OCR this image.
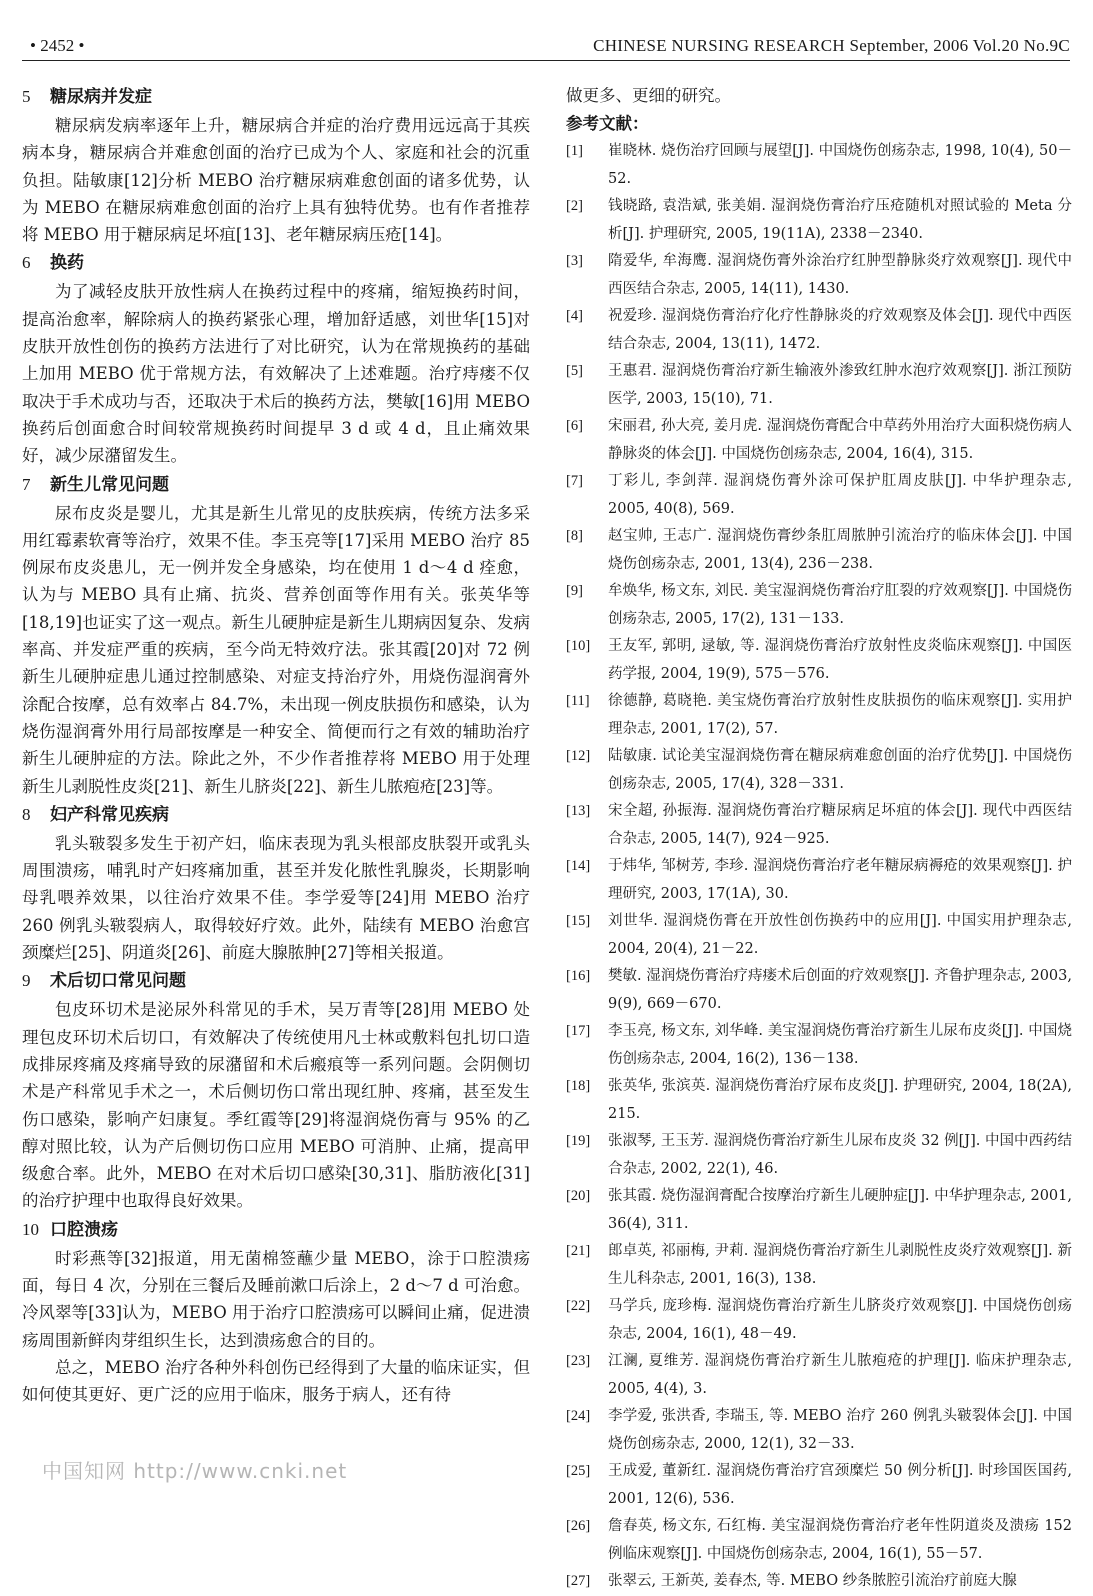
• 2452 •	CHINESE NURSING RESEARCH September, 2006 Vol.20 No.9C

5 糖尿病并发症

糖尿病发病率逐年上升，糖尿病合并症的治疗费用远远高于其疾病本身，糖尿病合并难愈创面的治疗已成为个人、家庭和社会的沉重负担。陆敏康[12]分析 MEBO 治疗糖尿病难愈创面的诸多优势，认为 MEBO 在糖尿病难愈创面的治疗上具有独特优势。也有作者推荐将 MEBO 用于糖尿病足坏疽[13]、老年糖尿病压疮[14]。

6 换药

为了减轻皮肤开放性病人在换药过程中的疼痛，缩短换药时间，提高治愈率，解除病人的换药紧张心理，增加舒适感，刘世华[15]对皮肤开放性创伤的换药方法进行了对比研究，认为在常规换药的基础上加用 MEBO 优于常规方法，有效解决了上述难题。治疗痔瘘不仅取决于手术成功与否，还取决于术后的换药方法，樊敏[16]用 MEBO 换药后创面愈合时间较常规换药时间提早 3 d 或 4 d，且止痛效果好，减少尿潴留发生。

7 新生儿常见问题

尿布皮炎是婴儿，尤其是新生儿常见的皮肤疾病，传统方法多采用红霉素软膏等治疗，效果不佳。李玉亮等[17]采用 MEBO 治疗 85 例尿布皮炎患儿，无一例并发全身感染，均在使用 1 d～4 d 痊愈，认为与 MEBO 具有止痛、抗炎、营养创面等作用有关。张英华等[18,19]也证实了这一观点。新生儿硬肿症是新生儿期病因复杂、发病率高、并发症严重的疾病，至今尚无特效疗法。张其霞[20]对 72 例新生儿硬肿症患儿通过控制感染、对症支持治疗外，用烧伤湿润膏外涂配合按摩，总有效率占 84.7%，未出现一例皮肤损伤和感染，认为烧伤湿润膏外用行局部按摩是一种安全、简便而行之有效的辅助治疗新生儿硬肿症的方法。除此之外，不少作者推荐将 MEBO 用于处理新生儿剥脱性皮炎[21]、新生儿脐炎[22]、新生儿脓疱疮[23]等。

8 妇产科常见疾病

乳头皲裂多发生于初产妇，临床表现为乳头根部皮肤裂开或乳头周围溃疡，哺乳时产妇疼痛加重，甚至并发化脓性乳腺炎，长期影响母乳喂养效果，以往治疗效果不佳。李学爱等[24]用 MEBO 治疗 260 例乳头皲裂病人，取得较好疗效。此外，陆续有 MEBO 治愈宫颈糜烂[25]、阴道炎[26]、前庭大腺脓肿[27]等相关报道。

9 术后切口常见问题

包皮环切术是泌尿外科常见的手术，吴万青等[28]用 MEBO 处理包皮环切术后切口，有效解决了传统使用凡士林或敷料包扎切口造成排尿疼痛及疼痛导致的尿潴留和术后瘢痕等一系列问题。会阴侧切术是产科常见手术之一，术后侧切伤口常出现红肿、疼痛，甚至发生伤口感染，影响产妇康复。季红霞等[29]将湿润烧伤膏与 95% 的乙醇对照比较，认为产后侧切伤口应用 MEBO 可消肿、止痛，提高甲级愈合率。此外，MEBO 在对术后切口感染[30,31]、脂肪液化[31]的治疗护理中也取得良好效果。

10 口腔溃疡

时彩燕等[32]报道，用无菌棉签蘸少量 MEBO，涂于口腔溃疡面，每日 4 次，分别在三餐后及睡前漱口后涂上，2 d～7 d 可治愈。冷风翠等[33]认为，MEBO 用于治疗口腔溃疡可以瞬间止痛，促进溃疡周围新鲜肉芽组织生长，达到溃疡愈合的目的。

总之，MEBO 治疗各种外科创伤已经得到了大量的临床证实，但如何使其更好、更广泛的应用于临床，服务于病人，还有待

做更多、更细的研究。

参考文献：

[1] 崔晓林. 烧伤治疗回顾与展望[J]. 中国烧伤创疡杂志, 1998, 10(4), 50－52.
[2] 钱晓路, 袁浩斌, 张美娟. 湿润烧伤膏治疗压疮随机对照试验的 Meta 分析[J]. 护理研究, 2005, 19(11A), 2338－2340.
[3] 隋爱华, 牟海鹰. 湿润烧伤膏外涂治疗红肿型静脉炎疗效观察[J]. 现代中西医结合杂志, 2005, 14(11), 1430.
[4] 祝爱珍. 湿润烧伤膏治疗化疗性静脉炎的疗效观察及体会[J]. 现代中西医结合杂志, 2004, 13(11), 1472.
[5] 王惠君. 湿润烧伤膏治疗新生输液外渗致红肿水泡疗效观察[J]. 浙江预防医学, 2003, 15(10), 71.
[6] 宋丽君, 孙大亮, 姜月虎. 湿润烧伤膏配合中草药外用治疗大面积烧伤病人静脉炎的体会[J]. 中国烧伤创疡杂志, 2004, 16(4), 315.
[7] 丁彩儿, 李剑萍. 湿润烧伤膏外涂可保护肛周皮肤[J]. 中华护理杂志, 2005, 40(8), 569.
[8] 赵宝帅, 王志广. 湿润烧伤膏纱条肛周脓肿引流治疗的临床体会[J]. 中国烧伤创疡杂志, 2001, 13(4), 236－238.
[9] 牟焕华, 杨文东, 刘民. 美宝湿润烧伤膏治疗肛裂的疗效观察[J]. 中国烧伤创疡杂志, 2005, 17(2), 131－133.
[10] 王友军, 郭明, 逯敏, 等. 湿润烧伤膏治疗放射性皮炎临床观察[J]. 中国医药学报, 2004, 19(9), 575－576.
[11] 徐德静, 葛晓艳. 美宝烧伤膏治疗放射性皮肤损伤的临床观察[J]. 实用护理杂志, 2001, 17(2), 57.
[12] 陆敏康. 试论美宝湿润烧伤膏在糖尿病难愈创面的治疗优势[J]. 中国烧伤创疡杂志, 2005, 17(4), 328－331.
[13] 宋全超, 孙振海. 湿润烧伤膏治疗糖尿病足坏疽的体会[J]. 现代中西医结合杂志, 2005, 14(7), 924－925.
[14] 于炜华, 邹树芳, 李珍. 湿润烧伤膏治疗老年糖尿病褥疮的效果观察[J]. 护理研究, 2003, 17(1A), 30.
[15] 刘世华. 湿润烧伤膏在开放性创伤换药中的应用[J]. 中国实用护理杂志, 2004, 20(4), 21－22.
[16] 樊敏. 湿润烧伤膏治疗痔瘘术后创面的疗效观察[J]. 齐鲁护理杂志, 2003, 9(9), 669－670.
[17] 李玉亮, 杨文东, 刘华峰. 美宝湿润烧伤膏治疗新生儿尿布皮炎[J]. 中国烧伤创疡杂志, 2004, 16(2), 136－138.
[18] 张英华, 张滨英. 湿润烧伤膏治疗尿布皮炎[J]. 护理研究, 2004, 18(2A), 215.
[19] 张淑琴, 王玉芳. 湿润烧伤膏治疗新生儿尿布皮炎 32 例[J]. 中国中西药结合杂志, 2002, 22(1), 46.
[20] 张其霞. 烧伤湿润膏配合按摩治疗新生儿硬肿症[J]. 中华护理杂志, 2001, 36(4), 311.
[21] 郎卓英, 祁丽梅, 尹莉. 湿润烧伤膏治疗新生儿剥脱性皮炎疗效观察[J]. 新生儿科杂志, 2001, 16(3), 138.
[22] 马学兵, 庞珍梅. 湿润烧伤膏治疗新生儿脐炎疗效观察[J]. 中国烧伤创疡杂志, 2004, 16(1), 48－49.
[23] 江澜, 夏维芳. 湿润烧伤膏治疗新生儿脓疱疮的护理[J]. 临床护理杂志, 2005, 4(4), 3.
[24] 李学爱, 张洪香, 李瑞玉, 等. MEBO 治疗 260 例乳头皲裂体会[J]. 中国烧伤创疡杂志, 2000, 12(1), 32－33.
[25] 王成爱, 董新红. 湿润烧伤膏治疗宫颈糜烂 50 例分析[J]. 时珍国医国药, 2001, 12(6), 536.
[26] 詹春英, 杨文东, 石红梅. 美宝湿润烧伤膏治疗老年性阴道炎及溃疡 152 例临床观察[J]. 中国烧伤创疡杂志, 2004, 16(1), 55－57.
[27] 张翠云, 王新英, 姜春杰, 等. MEBO 纱条脓腔引流治疗前庭大腺
中国知网 http://www.cnki.net
